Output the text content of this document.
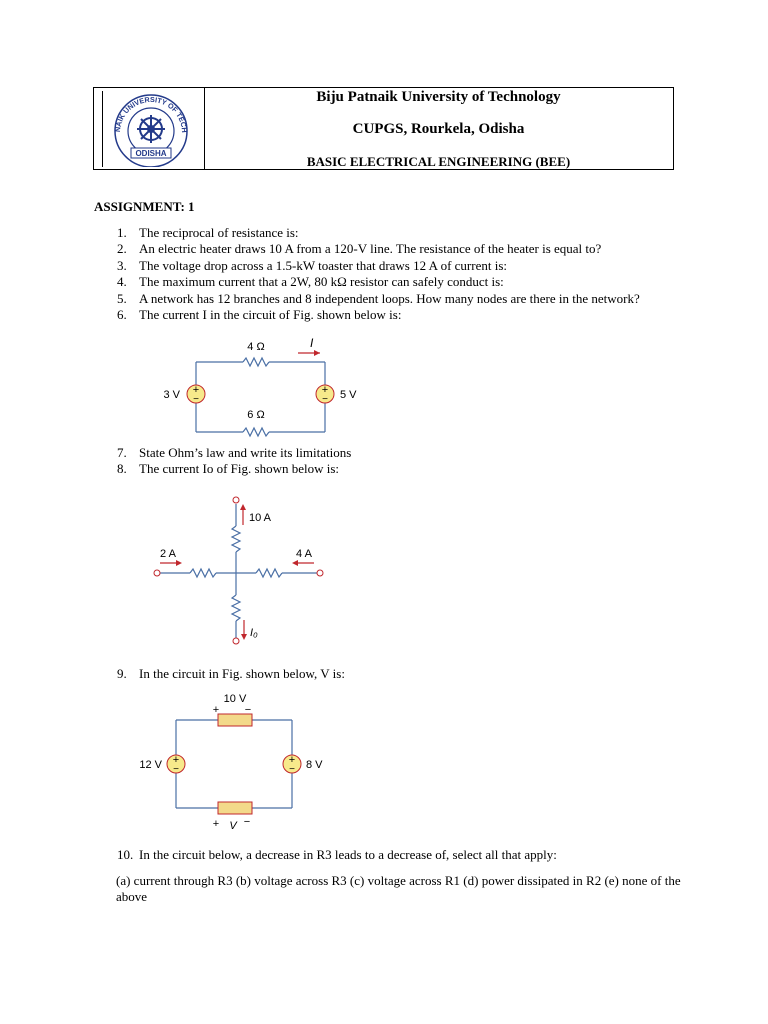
NAIK UNIVERSITY OF TECH
ODISHA
Biju Patnaik University of Technology
CUPGS, Rourkela, Odisha
BASIC ELECTRICAL ENGINEERING (BEE)
ASSIGNMENT: 1
1. The reciprocal of resistance is:
2. An electric heater draws 10 A from a 120-V line. The resistance of the heater is equal to?
3. The voltage drop across a 1.5-kW toaster that draws 12 A of current is:
4. The maximum current that a 2W, 80 kΩ resistor can safely conduct is:
5. A network has 12 branches and 8 independent loops. How many nodes are there in the network?
6. The current I in the circuit of Fig. shown below is:
+
−
+
−
4 Ω
6 Ω
3 V	5 V
I
7. State Ohm’s law and write its limitations
8. The current Io of Fig. shown below is:
10 A
2 A	4 A
I₀
9. In the circuit in Fig. shown below, V is:
+
−
+
−
10 V
+ −
12 V	8 V
+ V −
10. In the circuit below, a decrease in R3 leads to a decrease of, select all that apply:
(a) current through R3 (b) voltage across R3 (c) voltage across R1 (d) power dissipated in R2 (e) none of the above
